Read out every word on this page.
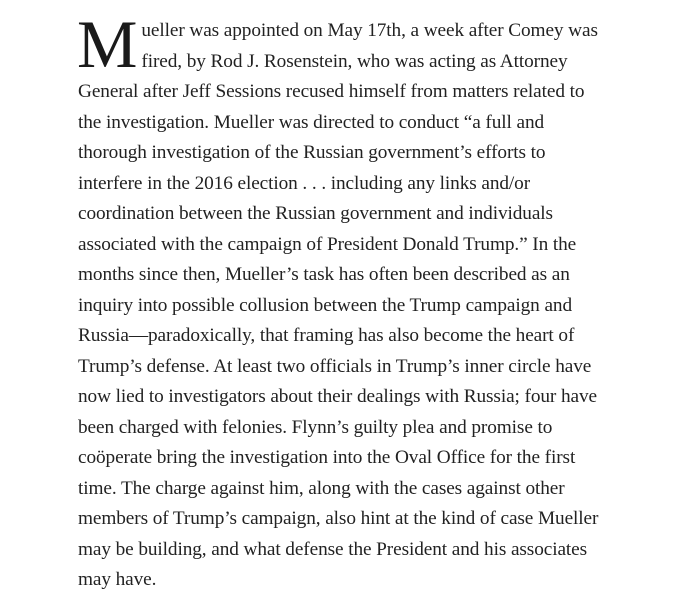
M ueller was appointed on May 17th, a week after Comey was
fired, by Rod J. Rosenstein, who was acting as Attorney
General after Jeff Sessions recused himself from matters related to
the investigation. Mueller was directed to conduct “a full and
thorough investigation of the Russian government’s efforts to
interfere in the 2016 election . . . including any links and/or
coordination between the Russian government and individuals
associated with the campaign of President Donald Trump.” In the
months since then, Mueller’s task has often been described as an
inquiry into possible collusion between the Trump campaign and
Russia—paradoxically, that framing has also become the heart of
Trump’s defense. At least two officials in Trump’s inner circle have
now lied to investigators about their dealings with Russia; four have
been charged with felonies. Flynn’s guilty plea and promise to
coöperate bring the investigation into the Oval Office for the first
time. The charge against him, along with the cases against other
members of Trump’s campaign, also hint at the kind of case Mueller
may be building, and what defense the President and his associates
may have.
